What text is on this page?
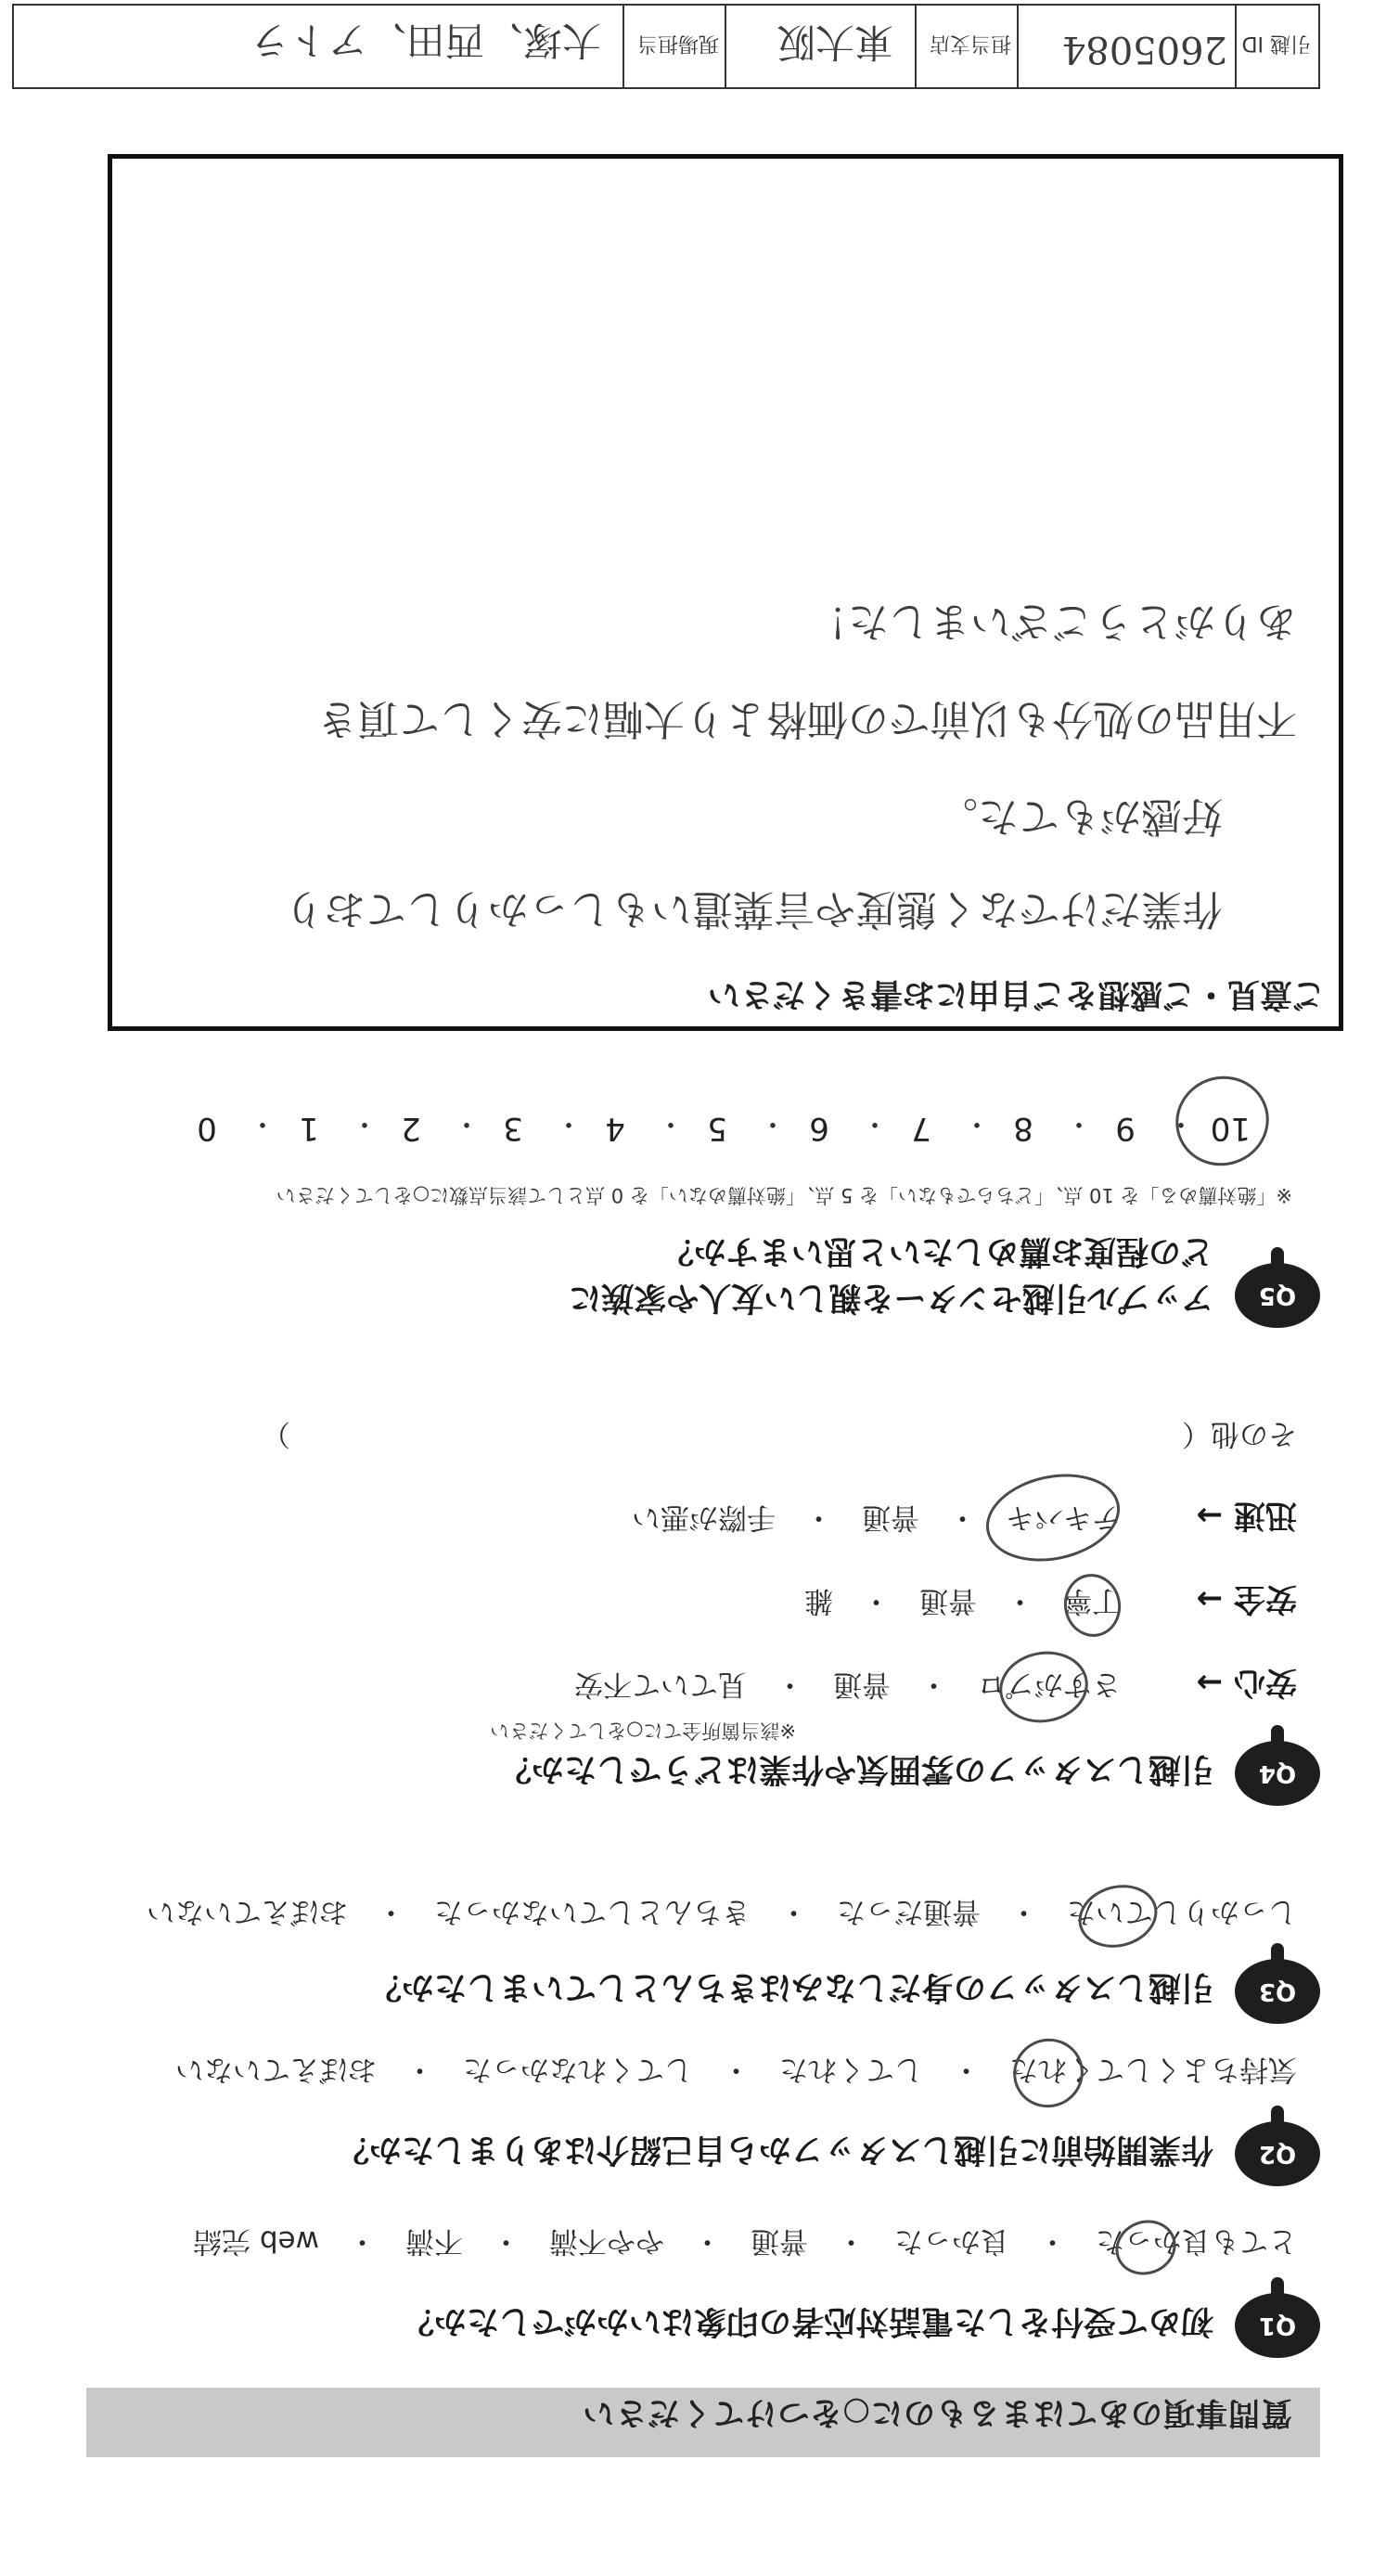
質問事項のあてはまるものに○をつけてください
Q1
初めて受付をした電話対応者の印象はいかがでしたか？
とても良かった　・　良かった　・　普通　・　やや不満　・　不満　・　web 完結
Q2
作業開始前に引越しスタッフから自己紹介はありましたか？
気持ちよくしてくれた　・　してくれた　・　してくれなかった　・　おぼえていない
Q3
引越しスタッフの身だしなみはきちんとしていましたか？
しっかりしていた　・　普通だった　・　きちんとしていなかった　・　おぼえていない
Q4
引越しスタッフの雰囲気や作業はどうでしたか？
※該当箇所全てに○をしてください
安心 →
さすがプロ　・　普通　・　見ていて不安
安全 →
丁寧　・　普通　・　雑
迅速 →
テキパキ　・　普通　・　手際が悪い
その他（　　　　　　　　　　　　　　　　　　　　　　　　　　　　　　　）
Q5
アップル引越センターを親しい友人や家族に
どの程度お薦めしたいと思いますか？
※「絶対薦める」を 10 点、「どちらでもない」を 5 点、「絶対薦めない」を 0 点として該当点数に○をしてください
10
・
9
・
8
・
7
・
6
・
5
・
4
・
3
・
2
・
1
・
0
ご意見・ご感想をご自由にお書きください
作業だけでなく態度や言葉遣いもしっかりしており
好感がもてた。
不用品の処分も以前での価格より大幅に安くして頂き
ありがとうございました！
引越 ID
2605084
担当支店
東大阪
現場担当
大塚、西田、アトラ
